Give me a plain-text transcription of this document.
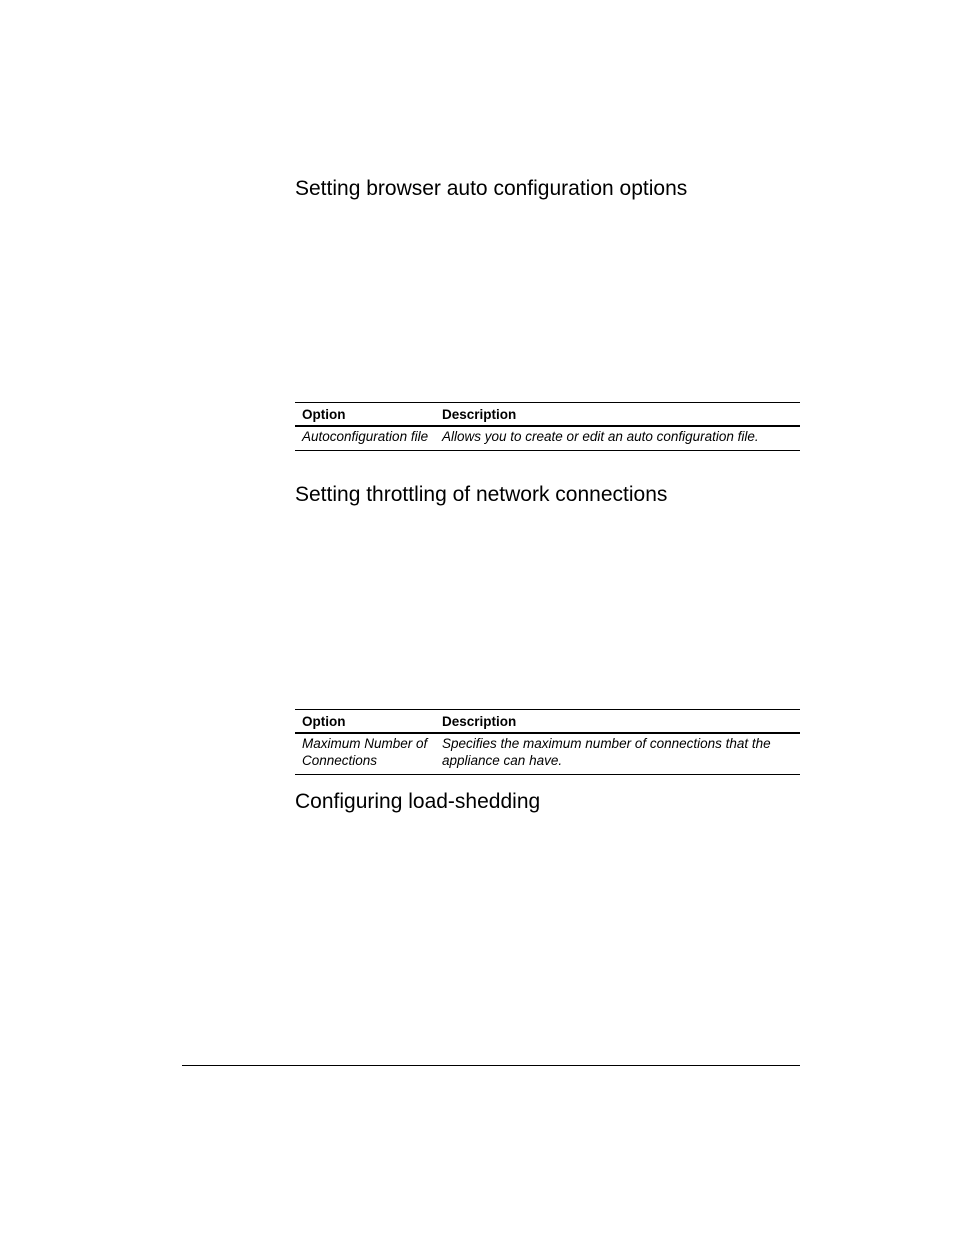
Setting browser auto configuration options
Option	Description
Autoconfiguration file	Allows you to create or edit an auto configuration file.
Setting throttling of network connections
Option	Description
Maximum Number of Connections	Specifies the maximum number of connections that the appliance can have.
Configuring load-shedding
